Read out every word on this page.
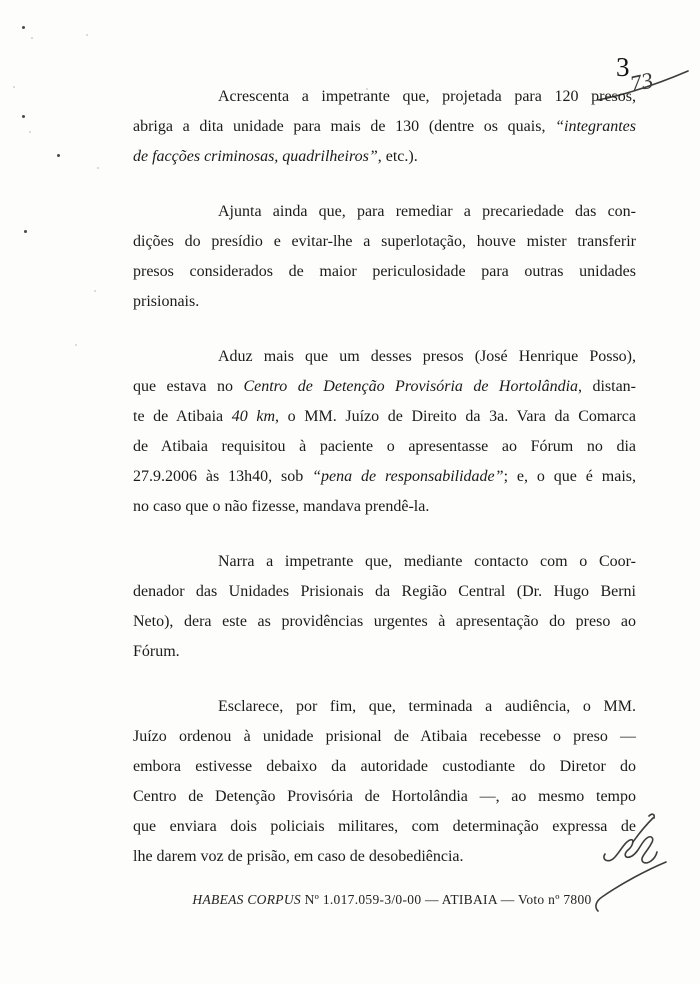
3
73
Acrescenta a impetrante que, projetada para 120 presos,
abriga a dita unidade para mais de 130 (dentre os quais, “integrantes
de facções criminosas, quadrilheiros”, etc.).
Ajunta ainda que, para remediar a precariedade das con-
dições do presídio e evitar-lhe a superlotação, houve mister transferir
presos considerados de maior periculosidade para outras unidades
prisionais.
Aduz mais que um desses presos (José Henrique Posso),
que estava no Centro de Detenção Provisória de Hortolândia, distan-
te de Atibaia 40 km, o MM. Juízo de Direito da 3a. Vara da Comarca
de Atibaia requisitou à paciente o apresentasse ao Fórum no dia
27.9.2006 às 13h40, sob “pena de responsabilidade”; e, o que é mais,
no caso que o não fizesse, mandava prendê-la.
Narra a impetrante que, mediante contacto com o Coor-
denador das Unidades Prisionais da Região Central (Dr. Hugo Berni
Neto), dera este as providências urgentes à apresentação do preso ao
Fórum.
Esclarece, por fim, que, terminada a audiência, o MM.
Juízo ordenou à unidade prisional de Atibaia recebesse o preso —
embora estivesse debaixo da autoridade custodiante do Diretor do
Centro de Detenção Provisória de Hortolândia —, ao mesmo tempo
que enviara dois policiais militares, com determinação expressa de
lhe darem voz de prisão, em caso de desobediência.
HABEAS CORPUS Nº 1.017.059-3/0-00 — ATIBAIA — Voto nº 7800
